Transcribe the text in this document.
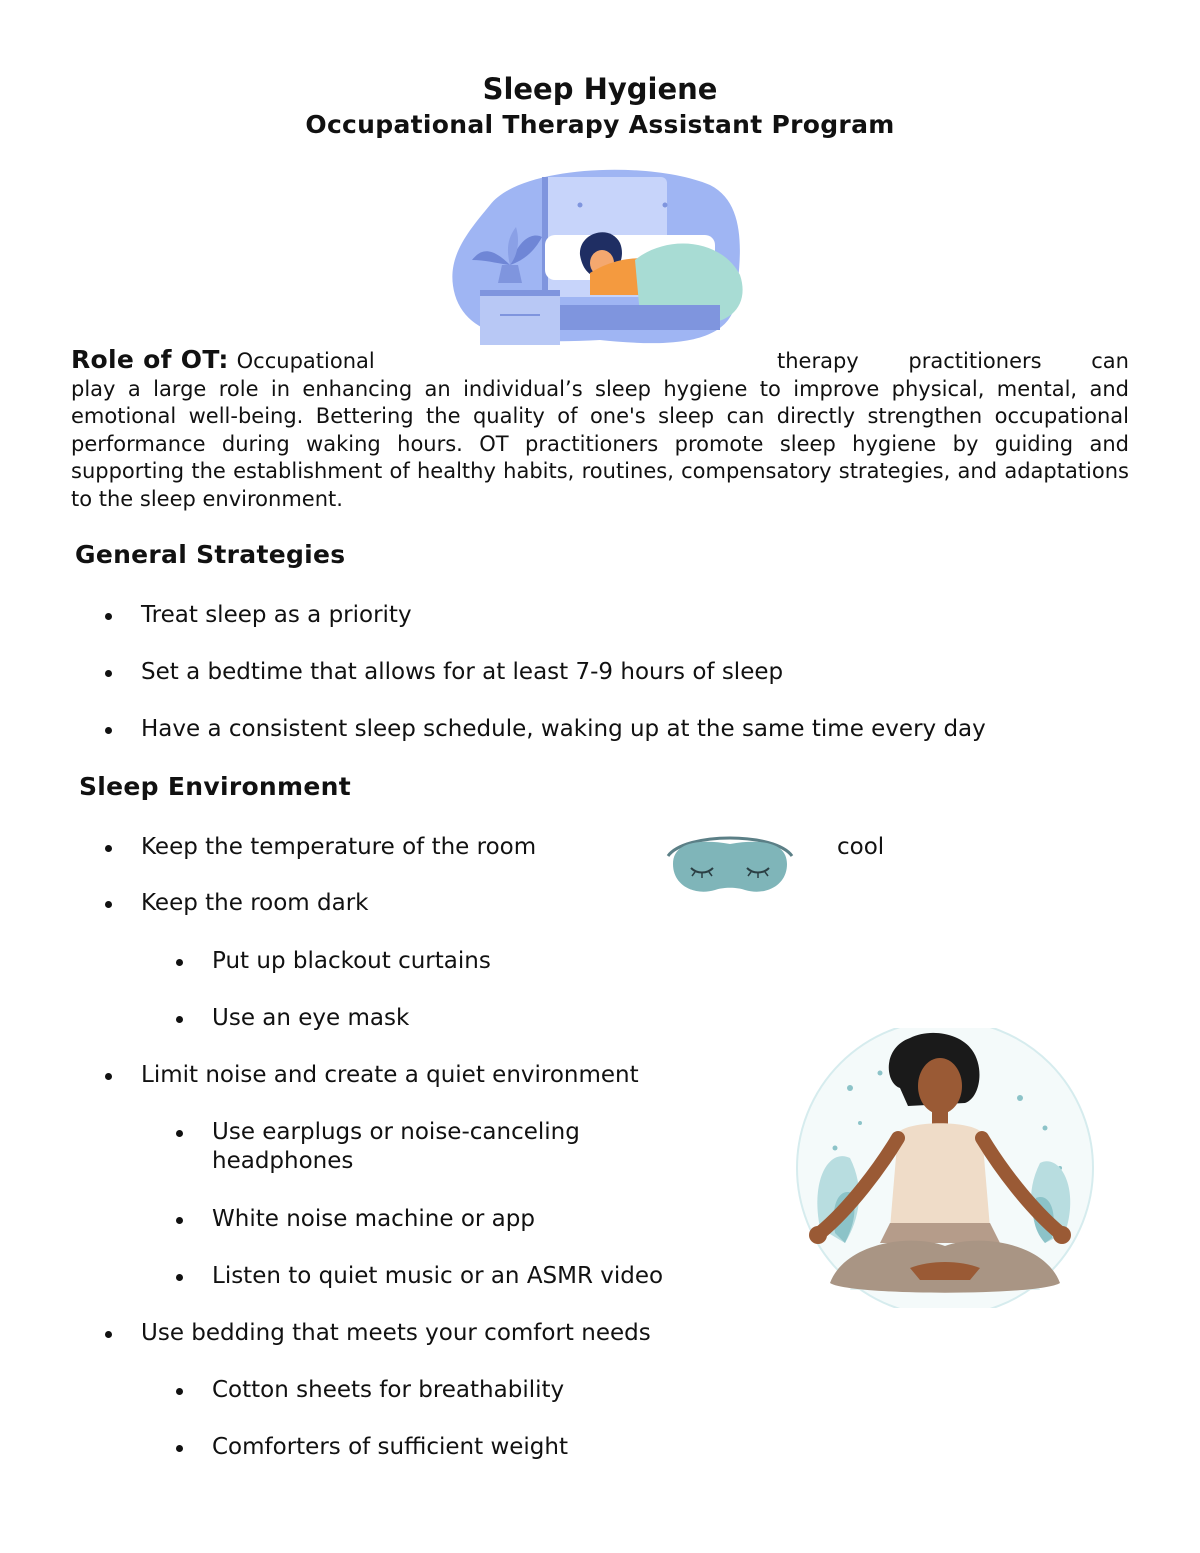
Sleep Hygiene
Occupational Therapy Assistant Program
Role of OT: Occupational	therapy practitioners can
play a large role in enhancing an individual’s sleep hygiene to improve physical, mental, and emotional well-being. Bettering the quality of one's sleep can directly strengthen occupational performance during waking hours. OT practitioners promote sleep hygiene by guiding and supporting the establishment of healthy habits, routines, compensatory strategies, and adaptations to the sleep environment.
General Strategies

Treat sleep as a priority

Set a bedtime that allows for at least 7-9 hours of sleep

Have a consistent sleep schedule, waking up at the same time every day

Sleep Environment

Keep the temperature of the room	cool

Keep the room dark

Put up blackout curtains

Use an eye mask

Limit noise and create a quiet environment

Use earplugs or noise-canceling

headphones

White noise machine or app

Listen to quiet music or an ASMR video

Use bedding that meets your comfort needs

Cotton sheets for breathability

Comforters of sufficient weight
